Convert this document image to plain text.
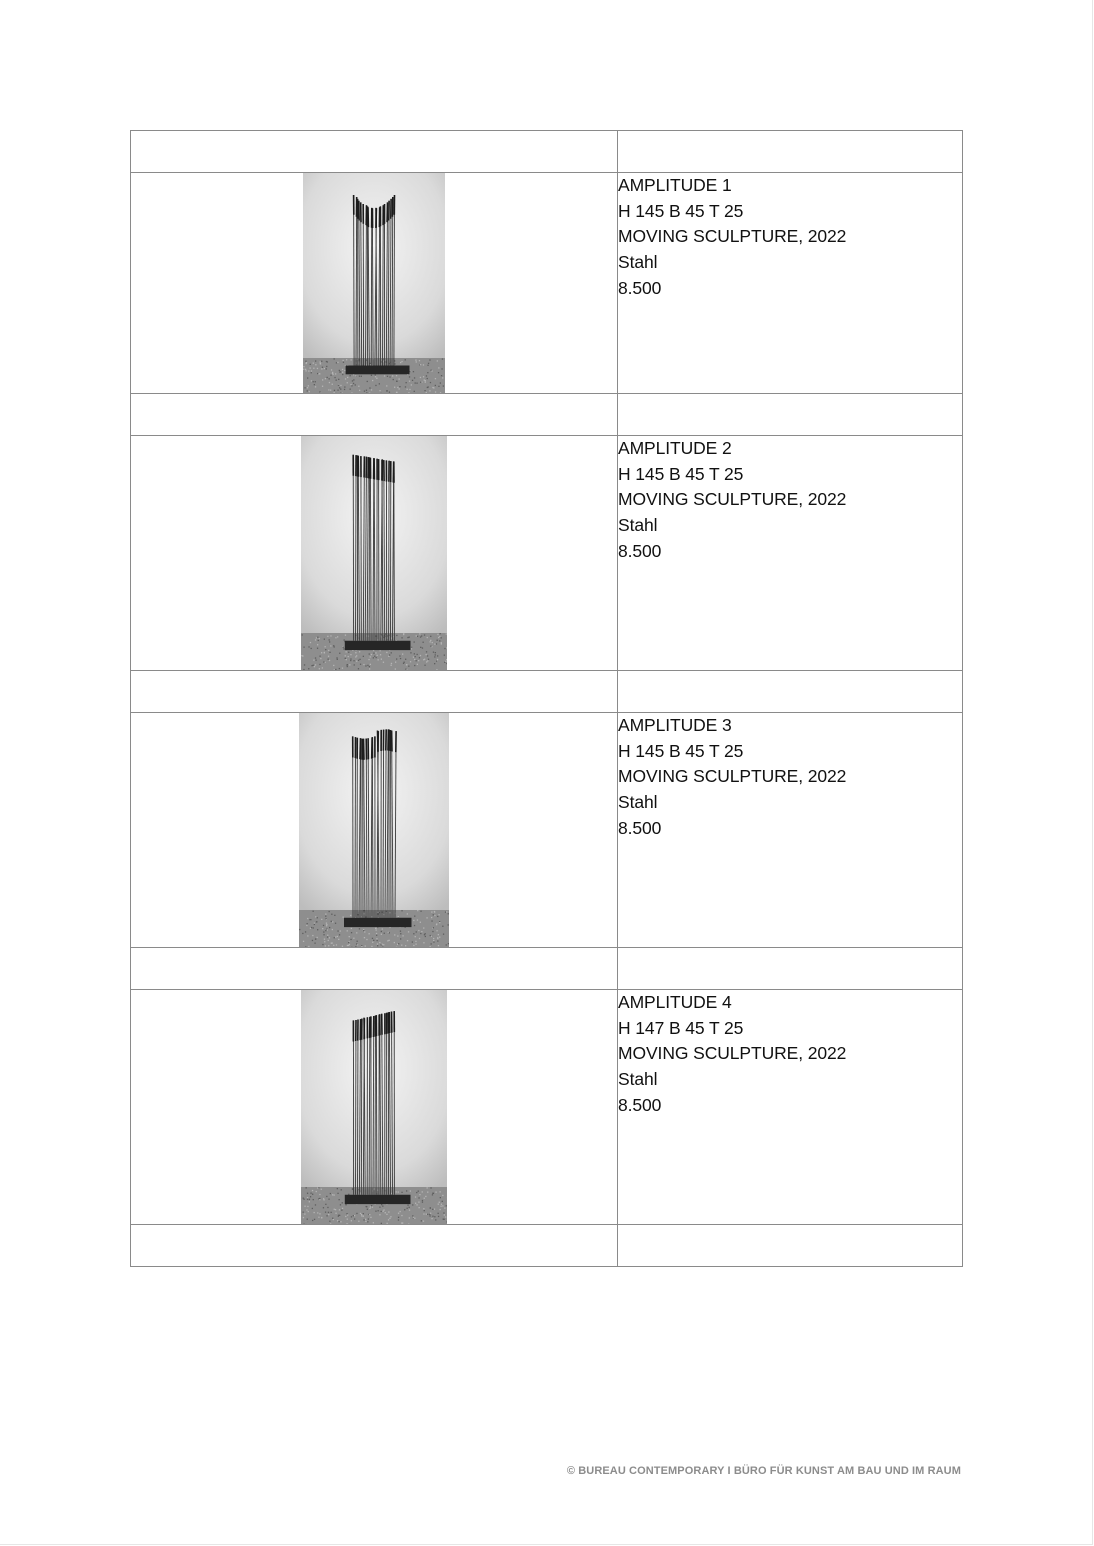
AMPLITUDE 1
H 145 B 45 T 25
MOVING SCULPTURE, 2022
Stahl
8.500

AMPLITUDE 2
H 145 B 45 T 25
MOVING SCULPTURE, 2022
Stahl
8.500

AMPLITUDE 3
H 145 B 45 T 25
MOVING SCULPTURE, 2022
Stahl
8.500

AMPLITUDE 4
H 147 B 45 T 25
MOVING SCULPTURE, 2022
Stahl
8.500

© BUREAU CONTEMPORARY I BÜRO FÜR KUNST AM BAU UND IM RAUM
